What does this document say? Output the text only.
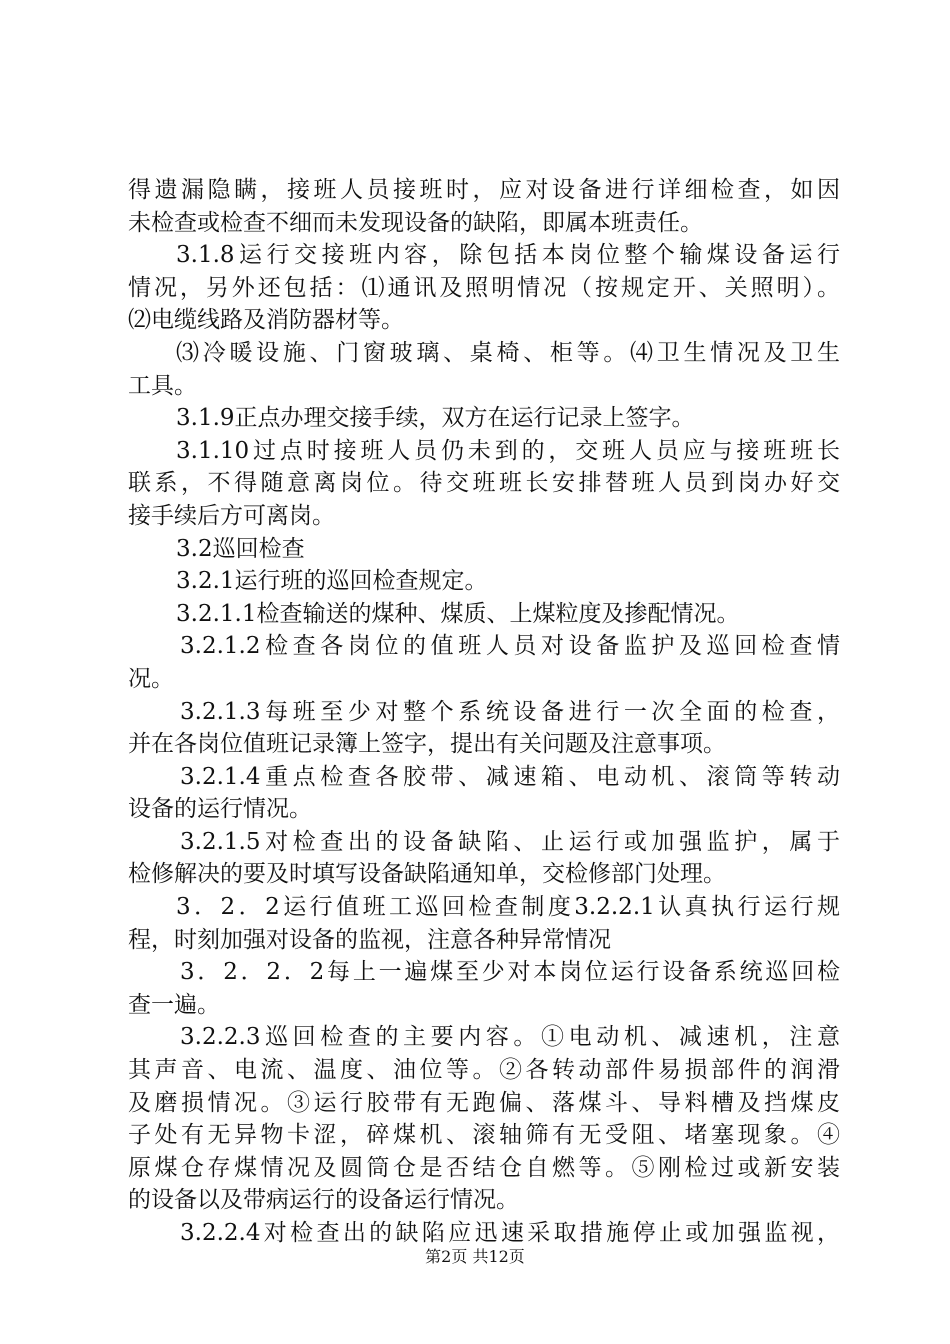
得遗漏隐瞒，接班人员接班时，应对设备进行详细检查，如因
未检查或检查不细而未发现设备的缺陷，即属本班责任。
3.1.8运行交接班内容，除包括本岗位整个输煤设备运行
情况，另外还包括：⑴通讯及照明情况（按规定开、关照明）。
⑵电缆线路及消防器材等。
⑶冷暖设施、门窗玻璃、桌椅、柜等。⑷卫生情况及卫生
工具。
3.1.9正点办理交接手续，双方在运行记录上签字。
3.1.10过点时接班人员仍未到的，交班人员应与接班班长
联系，不得随意离岗位。待交班班长安排替班人员到岗办好交
接手续后方可离岗。
3.2巡回检查
3.2.1运行班的巡回检查规定。
3.2.1.1检查输送的煤种、煤质、上煤粒度及掺配情况。
3.2.1.2检查各岗位的值班人员对设备监护及巡回检查情
况。
3.2.1.3每班至少对整个系统设备进行一次全面的检查，
并在各岗位值班记录簿上签字，提出有关问题及注意事项。
3.2.1.4重点检查各胶带、减速箱、电动机、滚筒等转动
设备的运行情况。
3.2.1.5对检查出的设备缺陷、止运行或加强监护，属于
检修解决的要及时填写设备缺陷通知单，交检修部门处理。
3．2．2运行值班工巡回检查制度3.2.2.1认真执行运行规
程，时刻加强对设备的监视，注意各种异常情况
3．2．2．2每上一遍煤至少对本岗位运行设备系统巡回检
查一遍。
3.2.2.3巡回检查的主要内容。①电动机、减速机，注意
其声音、电流、温度、油位等。②各转动部件易损部件的润滑
及磨损情况。③运行胶带有无跑偏、落煤斗、导料槽及挡煤皮
子处有无异物卡涩，碎煤机、滚轴筛有无受阻、堵塞现象。④
原煤仓存煤情况及圆筒仓是否结仓自燃等。⑤刚检过或新安装
的设备以及带病运行的设备运行情况。
3.2.2.4对检查出的缺陷应迅速采取措施停止或加强监视，
第2页 共12页
